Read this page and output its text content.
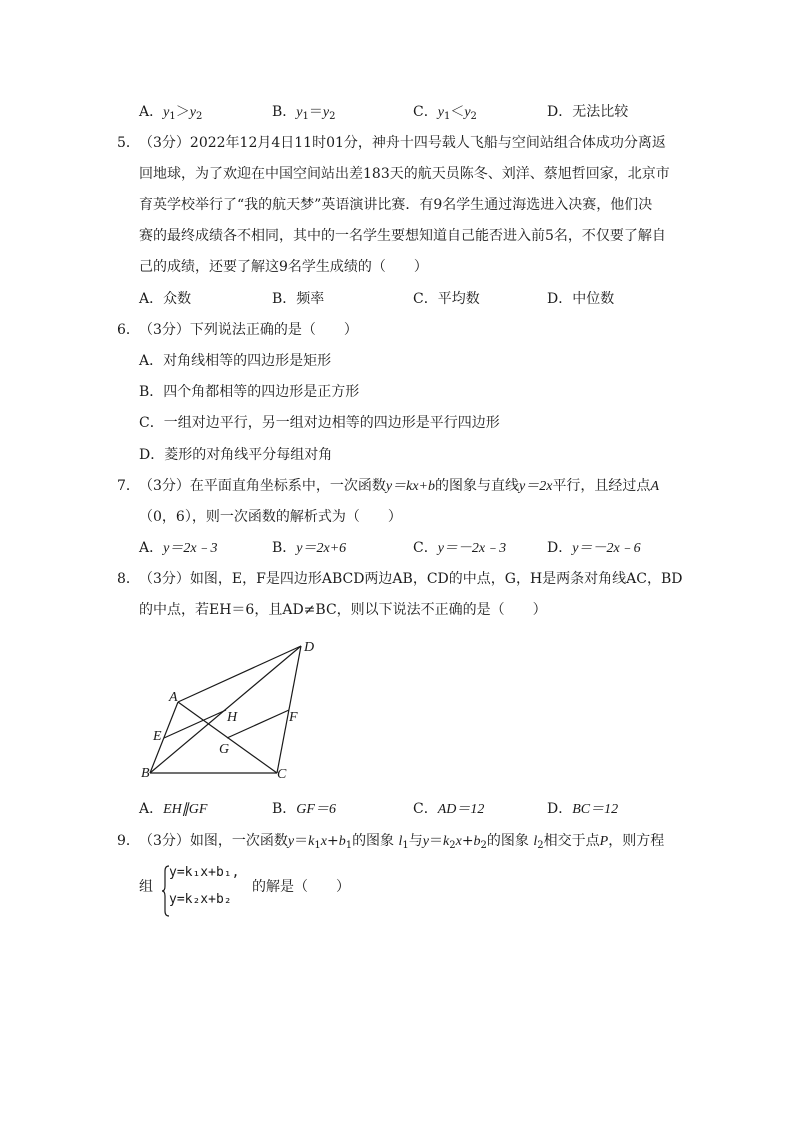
A．$y_1>y_2$	B．$y_1=y_2$	C．$y_1<y_2$	D．无法比较
5． （3分）2022年12月4日11时01分，神舟十四号载人飞船与空间站组合体成功分离返
回地球，为了欢迎在中国空间站出差183天的航天员陈冬、刘洋、蔡旭哲回家，北京市
育英学校举行了“我的航天梦”英语演讲比赛．有9名学生通过海选进入决赛，他们决
赛的最终成绩各不相同，其中的一名学生要想知道自己能否进入前5名，不仅要了解自
己的成绩，还要了解这9名学生成绩的（　　）
A．众数	B．频率	C．平均数	D．中位数
6． （3分）下列说法正确的是（　　）
A．对角线相等的四边形是矩形
B．四个角都相等的四边形是正方形
C．一组对边平行，另一组对边相等的四边形是平行四边形
D．菱形的对角线平分每组对角
7． （3分）在平面直角坐标系中，一次函数y＝kx+b的图象与直线y＝2x平行，且经过点A
（0，6），则一次函数的解析式为（　　）
A．y＝2x﹣3	B．y＝2x+6	C．y＝－2x﹣3	D．y＝－2x﹣6
8． （3分）如图，E，F是四边形ABCD两边AB，CD的中点，G，H是两条对角线AC，BD
的中点，若EH＝6，且AD≠BC，则以下说法不正确的是（　　）
A
B	C
D
E
F
G
H
A．EH∥GF	B．GF＝6	C．AD＝12	D．BC＝12
9． （3分）如图，一次函数$y=k_1x+b_1$的图象 $l_1$与$y=k_2x+b_2$的图象 $l_2$相交于点P，则方程
组
y=k₁x+b₁,
y=k₂x+b₂
的解是（　　）
